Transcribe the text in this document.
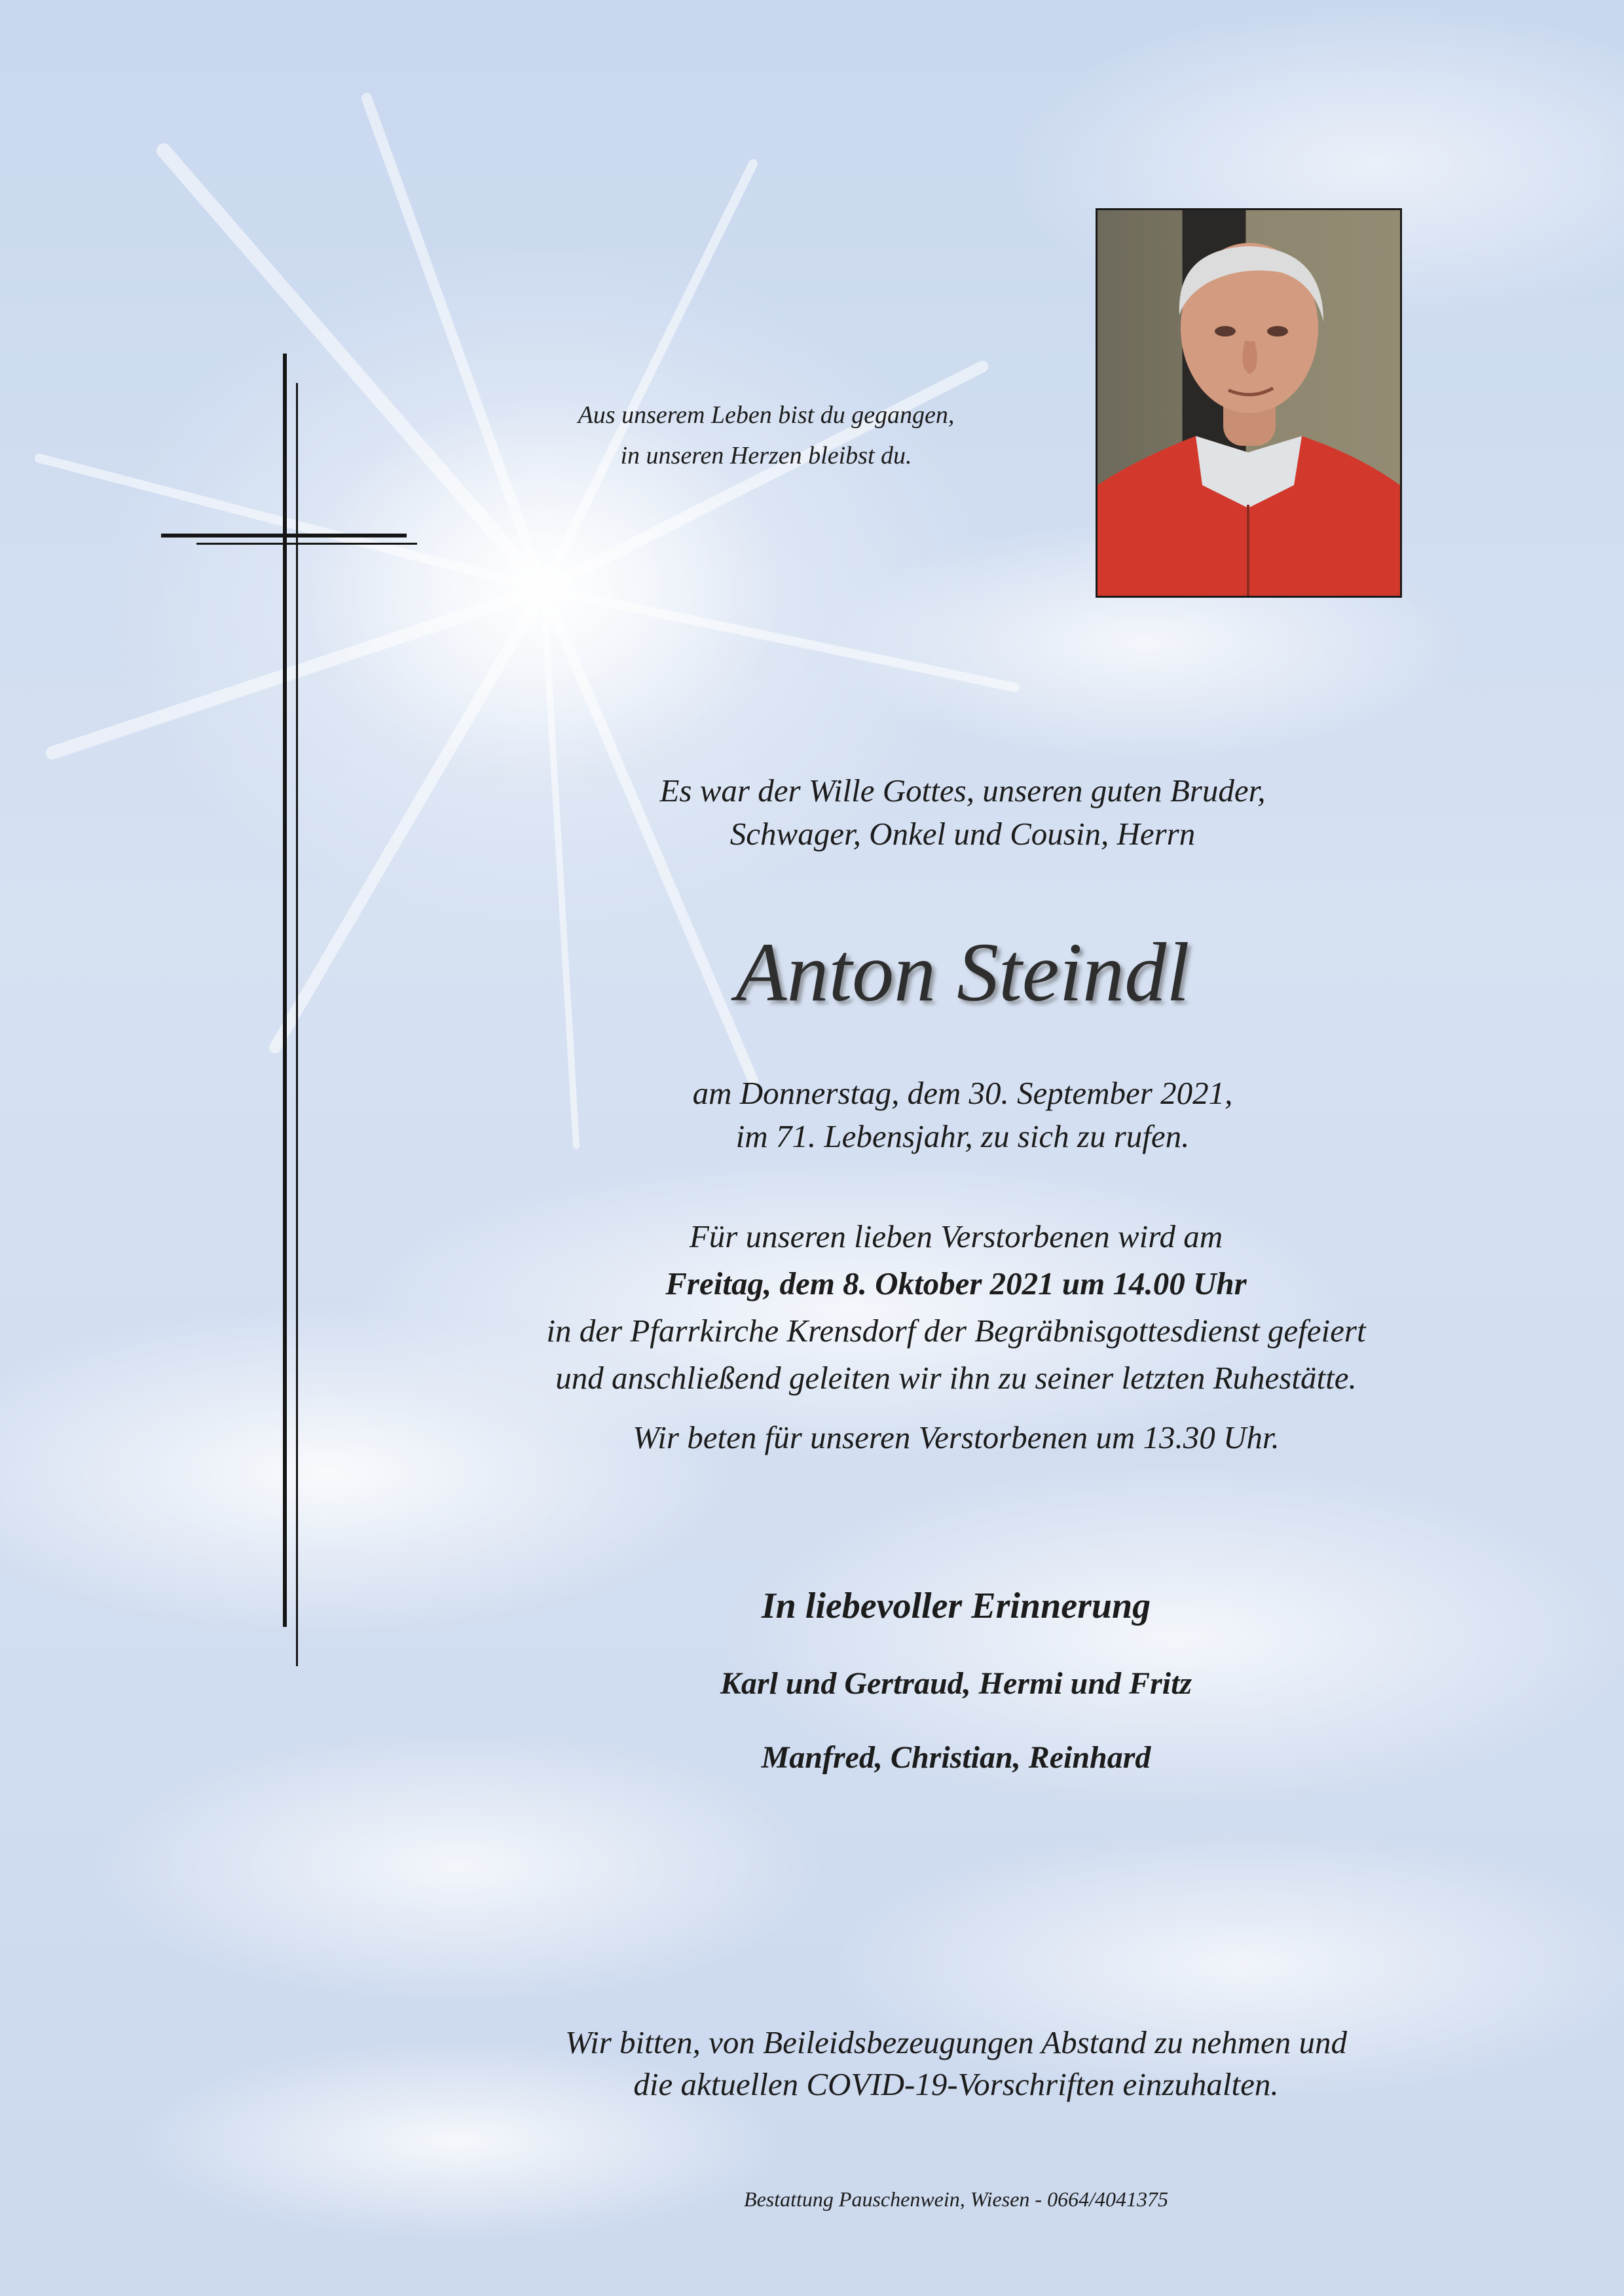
Aus unserem Leben bist du gegangen,
in unseren Herzen bleibst du.
Es war der Wille Gottes, unseren guten Bruder,
Schwager, Onkel und Cousin, Herrn
Anton Steindl
am Donnerstag, dem 30. September 2021,
im 71. Lebensjahr, zu sich zu rufen.
Für unseren lieben Verstorbenen wird am
Freitag, dem 8. Oktober 2021 um 14.00 Uhr
in der Pfarrkirche Krensdorf der Begräbnisgottesdienst gefeiert
und anschließend geleiten wir ihn zu seiner letzten Ruhestätte.
Wir beten für unseren Verstorbenen um 13.30 Uhr.
In liebevoller Erinnerung
Karl und Gertraud, Hermi und Fritz
Manfred, Christian, Reinhard
Wir bitten, von Beileidsbezeugungen Abstand zu nehmen und
die aktuellen COVID-19-Vorschriften einzuhalten.
Bestattung Pauschenwein, Wiesen - 0664/4041375
